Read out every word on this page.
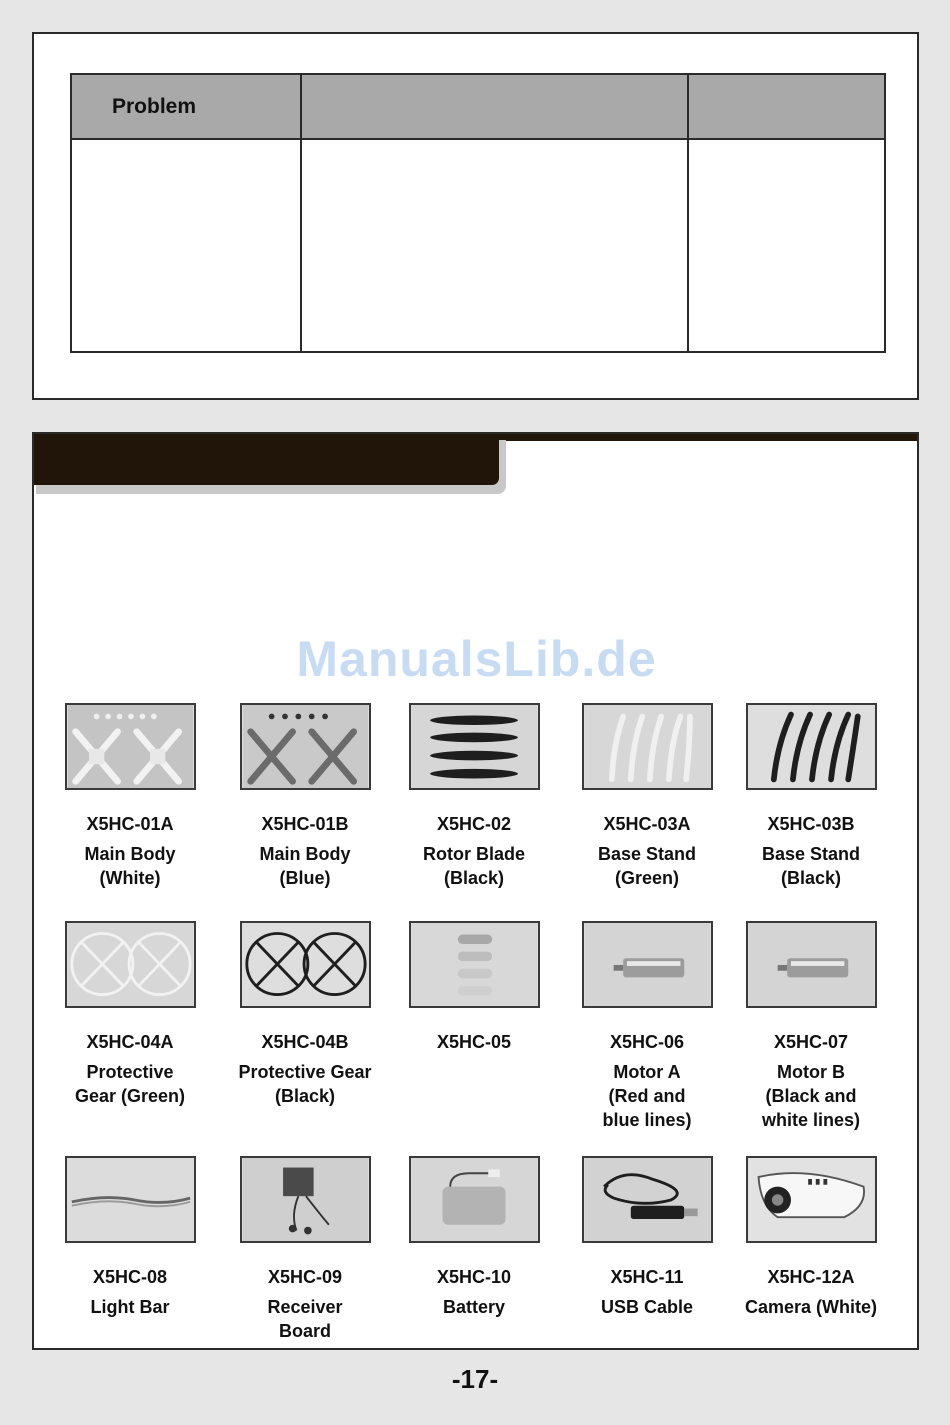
Problem		

ManualsLib.de
X5HC-01A
Main Body
(White)
X5HC-01B
Main Body
(Blue)
X5HC-02
Rotor Blade
(Black)
X5HC-03A
Base Stand
(Green)
X5HC-03B
Base Stand
(Black)
X5HC-04A
Protective
Gear (Green)
X5HC-04B
Protective Gear
(Black)
X5HC-05	X5HC-06
Motor A
(Red and
blue lines)
X5HC-07
Motor B
(Black and
white lines)
X5HC-08
Light Bar
X5HC-09
Receiver
Board
X5HC-10
Battery
X5HC-11
USB Cable
X5HC-12A
Camera (White)
-17-
